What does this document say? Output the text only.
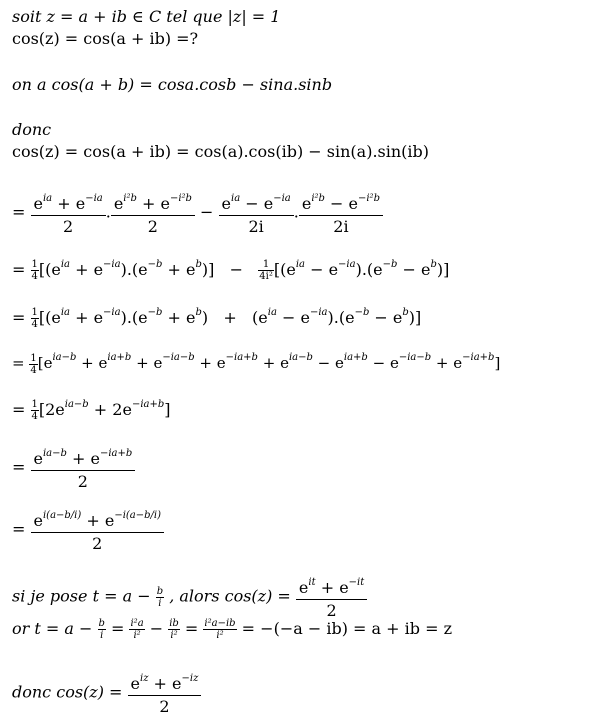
soit z = a + ib ∈ C tel que |z| = 1
cos(z) = cos(a + ib) =?
on a cos(a + b) = cosa.cosb − sina.sinb
donc
cos(z) = cos(a + ib) = cos(a).cos(ib) − sin(a).sin(ib)
= $\frac{e^{ia} + e^{-ia}}{2}$ . $\frac{e^{i^2b} + e^{-i^2b}}{2} - \frac{e^{ia} - e^{-ia}}{2i}$ . $\frac{e^{i^2b} - e^{-i^2b}}{2i}$
= $\frac{1}{4} [(e^{ia} + e^{-ia}).(e^{-b} + e^b)] - \frac{1}{\text{4i²}} [(e^{ia} - e^{-ia}).(e^{-b} - e^b)]$
= $\frac{1}{4} [(e^{ia} + e^{-ia}).(e^{-b} + e^b) + (e^{ia} - e^{-ia}).(e^{-b} - e^b)]$
= $\frac{1}{4} [e^{ia-b} + e^{ia+b} + e^{-ia-b} + e^{-ia+b} + e^{ia-b} - e^{ia+b} - e^{-ia-b} + e^{-ia+b}]$
= $\frac{1}{4} [2e^{ia-b} + 2e^{-ia+b}]$
= $\frac{e^{ia-b} + e^{-ia+b}}{2}$
= $\frac{e^{i(a-b/i)} + e^{-i(a-b/i)}}{2}$
si je pose $t = a - \frac{b}{i}$ , alors $\cos(z) = \frac{e^{it} + e^{-it}}{2}$
or $t = a - \frac{b}{i} = \frac{\text{i²a}}{\text{i²}} - \frac{ib}{\text{i²}} = \frac{\text{i²a−ib}}{\text{i²}} = -(-a - ib) = a$ + ib = z
donc $\cos(z) = \frac{e^{iz} + e^{-iz}}{2}$
